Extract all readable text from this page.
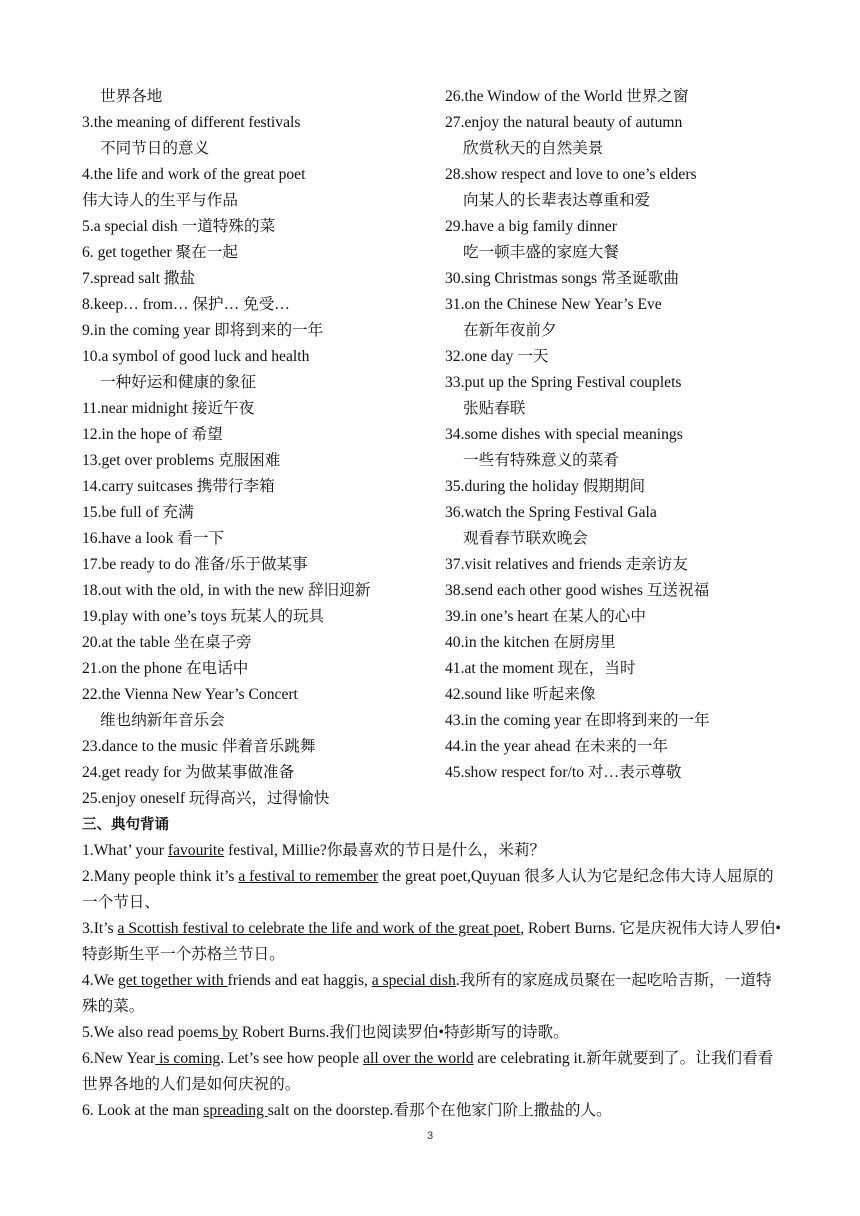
世界各地
3.the meaning of different festivals
不同节日的意义
4.the life and work of the great poet
伟大诗人的生平与作品
5.a special dish 一道特殊的菜
6. get together 聚在一起
7.spread salt 撒盐
8.keep… from… 保护… 免受…
9.in the coming year 即将到来的一年
10.a symbol of good luck and health
一种好运和健康的象征
11.near midnight 接近午夜
12.in the hope of 希望
13.get over problems 克服困难
14.carry suitcases 携带行李箱
15.be full of 充满
16.have a look 看一下
17.be ready to do 准备/乐于做某事
18.out with the old, in with the new 辞旧迎新
19.play with one’s toys 玩某人的玩具
20.at the table 坐在桌子旁
21.on the phone 在电话中
22.the Vienna New Year’s Concert
维也纳新年音乐会
23.dance to the music 伴着音乐跳舞
24.get ready for 为做某事做准备
25.enjoy oneself 玩得高兴，过得愉快
26.the Window of the World 世界之窗
27.enjoy the natural beauty of autumn
欣赏秋天的自然美景
28.show respect and love to one’s elders
向某人的长辈表达尊重和爱
29.have a big family dinner
吃一顿丰盛的家庭大餐
30.sing Christmas songs 常圣诞歌曲
31.on the Chinese New Year’s Eve
在新年夜前夕
32.one day 一天
33.put up the Spring Festival couplets
张贴春联
34.some dishes with special meanings
一些有特殊意义的菜肴
35.during the holiday 假期期间
36.watch the Spring Festival Gala
观看春节联欢晚会
37.visit relatives and friends 走亲访友
38.send each other good wishes 互送祝福
39.in one’s heart 在某人的心中
40.in the kitchen 在厨房里
41.at the moment 现在，当时
42.sound like 听起来像
43.in the coming year 在即将到来的一年
44.in the year ahead 在未来的一年
45.show respect for/to 对…表示尊敬
三、典句背诵
1.What’ your favourite festival, Millie?你最喜欢的节日是什么，米莉？
2.Many people think it’s a festival to remember the great poet,Quyuan 很多人认为它是纪念伟大诗人屈原的一个节日、
3.It’s a Scottish festival to celebrate the life and work of the great poet, Robert Burns. 它是庆祝伟大诗人罗伯•特彭斯生平一个苏格兰节日。
4.We get together with friends and eat haggis, a special dish.我所有的家庭成员聚在一起吃哈吉斯，一道特殊的菜。
5.We also read poems by Robert Burns.我们也阅读罗伯•特彭斯写的诗歌。
6.New Year is coming. Let’s see how people all over the world are celebrating it.新年就要到了。让我们看看世界各地的人们是如何庆祝的。
6. Look at the man spreading salt on the doorstep.看那个在他家门阶上撒盐的人。
3
